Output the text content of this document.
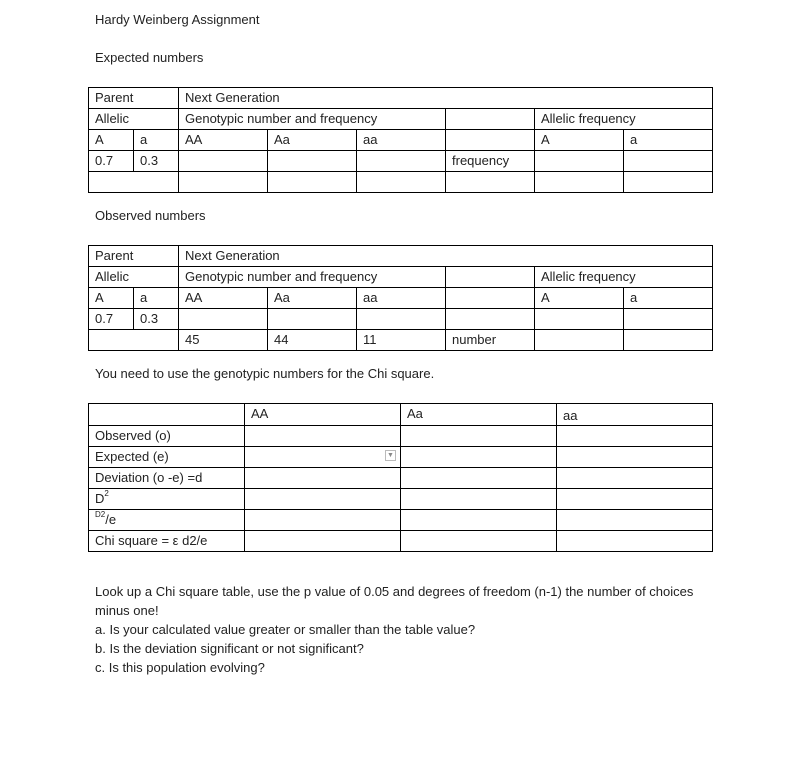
Hardy Weinberg Assignment
Expected numbers
Parent		Next Generation					
Allelic		Genotypic number and frequency				Allelic frequency	
A	a	AA	Aa	aa		A	a
0.7	0.3				frequency		

Observed numbers
Parent		Next Generation					
Allelic		Genotypic number and frequency				Allelic frequency	
A	a	AA	Aa	aa		A	a
0.7	0.3						
		45	44	11	number		
You need to use the genotypic numbers for the Chi square.
	AA	Aa	aa
Observed (o)			
Expected (e)	▼		

Deviation (o -e) =d			
$D^2$			
$^{D2}$/e			
Chi square = ε d2/e			
Look up a Chi square table, use the p value of 0.05 and degrees of freedom (n-1) the number of choices minus one!
a. Is your calculated value greater or smaller than the table value?
b. Is the deviation significant or not significant?
c. Is this population evolving?
